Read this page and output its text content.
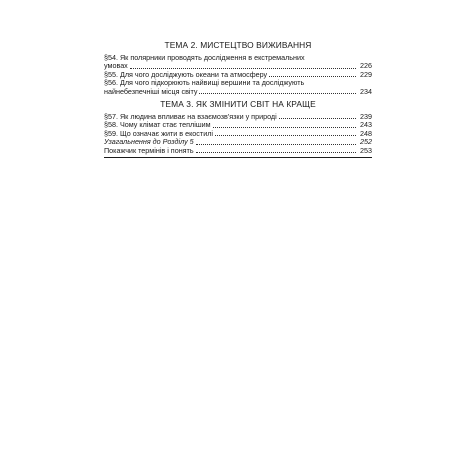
ТЕМА 2. МИСТЕЦТВО ВИЖИВАННЯ
§54. Як полярники проводять дослідження в екстремальних
умовах	226
§55. Для чого досліджують океани та атмосферу	229
§56. Для чого підкорюють найвищі вершини та досліджують
найнебезпечніші місця світу	234
ТЕМА 3. ЯК ЗМІНИТИ СВІТ НА КРАЩЕ
§57. Як людина впливає на взаємозв'язки у природі	239
§58. Чому клімат стає теплішим	243
§59. Що означає жити в екостилі	248
Узагальнення до Розділу 5	252
Покажчик термінів і понять	253
